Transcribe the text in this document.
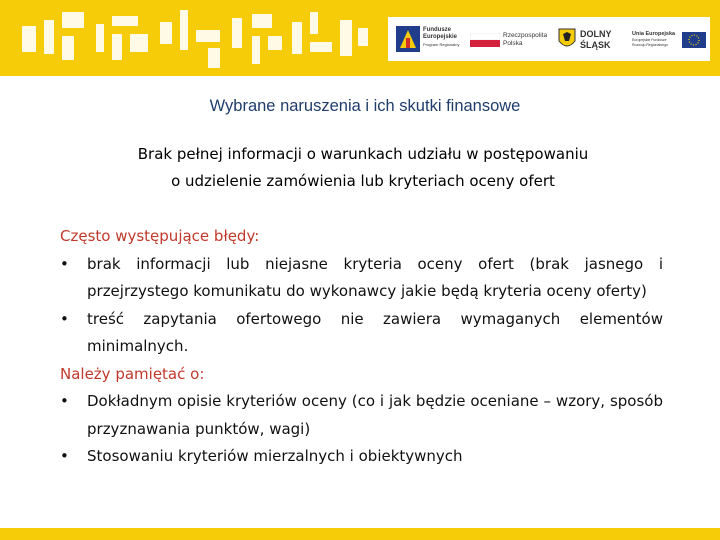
Fundusze
Europejskie
Program Regionalny
Rzeczpospolita
Polska
DOLNY
ŚLĄSK
Unia Europejska
Europejskie Fundusze
Rozwoju Regionalnego
Wybrane naruszenia i ich skutki finansowe
Brak pełnej informacji o warunkach udziału w postępowaniu
o udzielenie zamówienia lub kryteriach oceny ofert
Często występujące błędy:
• brak informacji lub niejasne kryteria oceny ofert (brak jasnego i przejrzystego komunikatu do wykonawcy jakie będą kryteria oceny oferty)
• treść zapytania ofertowego nie zawiera wymaganych elementów minimalnych.
Należy pamiętać o:
• Dokładnym opisie kryteriów oceny (co i jak będzie oceniane – wzory, sposób przyznawania punktów, wagi)
• Stosowaniu kryteriów mierzalnych i obiektywnych
